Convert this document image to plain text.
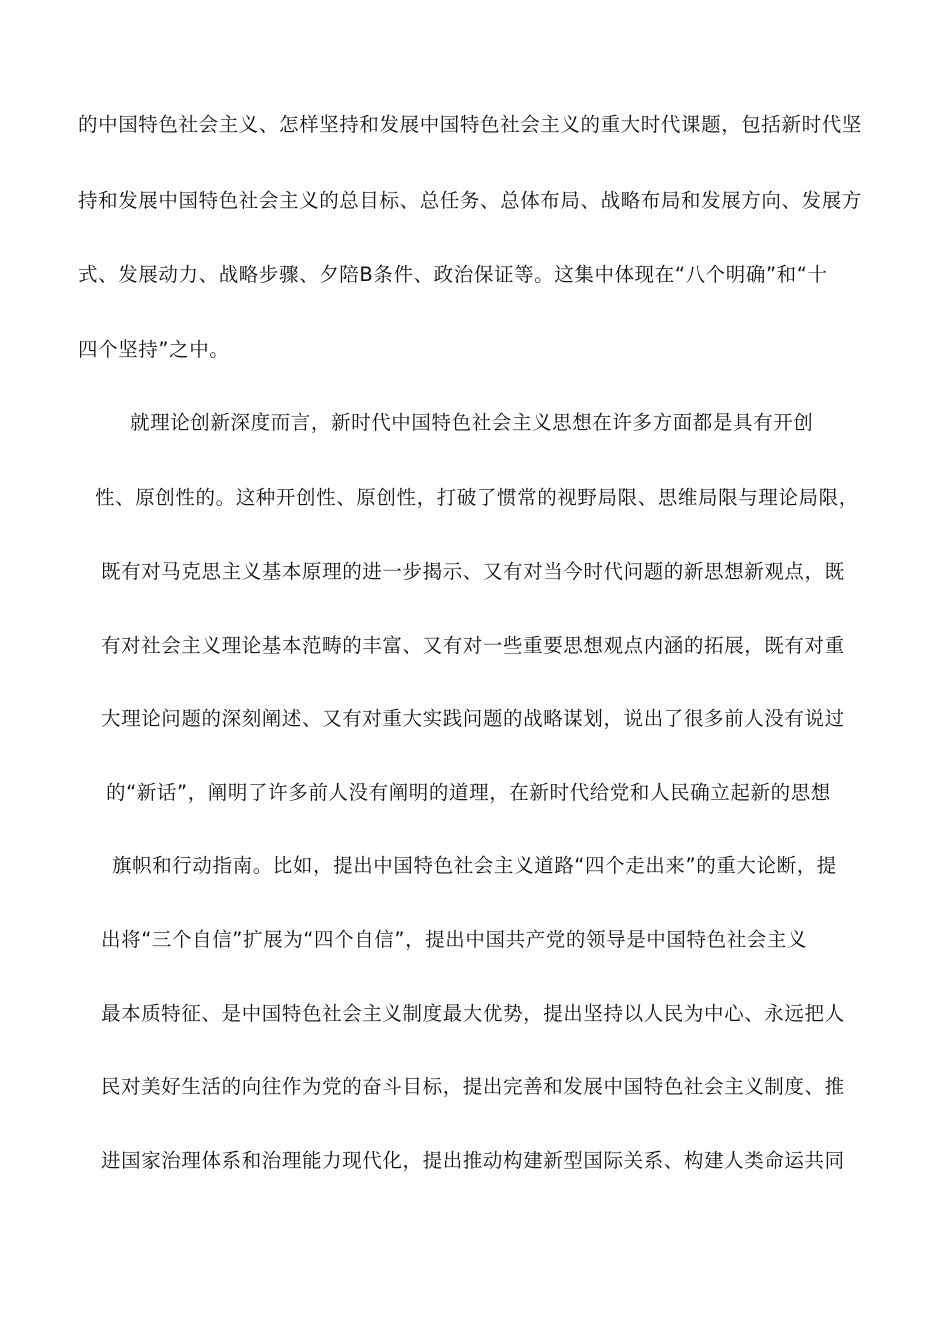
的中国特色社会主义、怎样坚持和发展中国特色社会主义的重大时代课题，包括新时代坚
持和发展中国特色社会主义的总目标、总任务、总体布局、战略布局和发展方向、发展方
式、发展动力、战略步骤、夕陪B条件、政治保证等。这集中体现在“八个明确”和“十
四个坚持”之中。
就理论创新深度而言，新时代中国特色社会主义思想在许多方面都是具有开创
性、原创性的。这种开创性、原创性，打破了惯常的视野局限、思维局限与理论局限，
既有对马克思主义基本原理的进一步揭示、又有对当今时代问题的新思想新观点，既
有对社会主义理论基本范畴的丰富、又有对一些重要思想观点内涵的拓展，既有对重
大理论问题的深刻阐述、又有对重大实践问题的战略谋划，说出了很多前人没有说过
的“新话”，阐明了许多前人没有阐明的道理，在新时代给党和人民确立起新的思想
旗帜和行动指南。比如，提出中国特色社会主义道路“四个走出来”的重大论断，提
出将“三个自信”扩展为“四个自信”，提出中国共产党的领导是中国特色社会主义
最本质特征、是中国特色社会主义制度最大优势，提出坚持以人民为中心、永远把人
民对美好生活的向往作为党的奋斗目标，提出完善和发展中国特色社会主义制度、推
进国家治理体系和治理能力现代化，提出推动构建新型国际关系、构建人类命运共同
